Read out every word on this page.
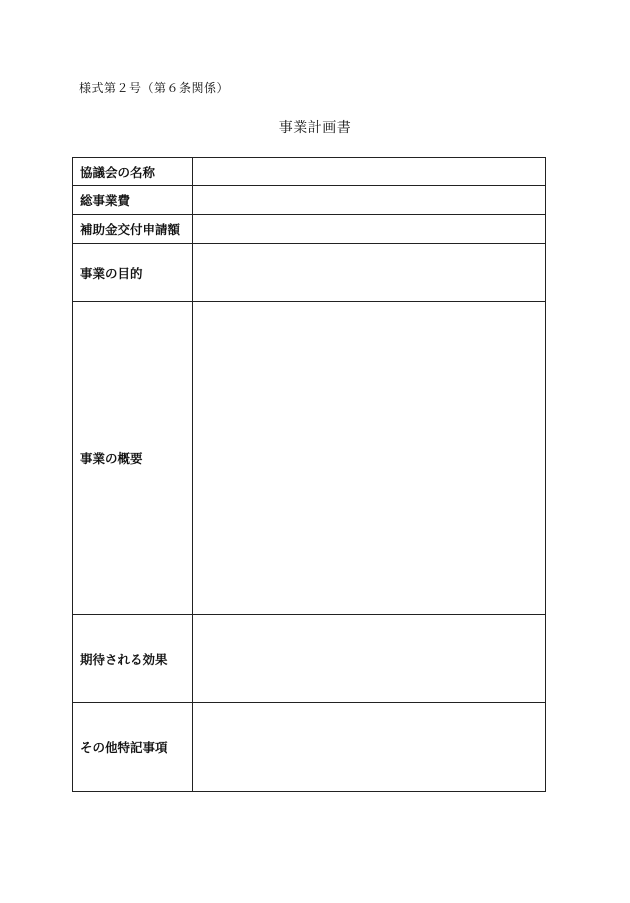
様式第２号（第６条関係）
事業計画書
協議会の名称	
総事業費	
補助金交付申請額	
事業の目的	
事業の概要	
期待される効果	
その他特記事項	
